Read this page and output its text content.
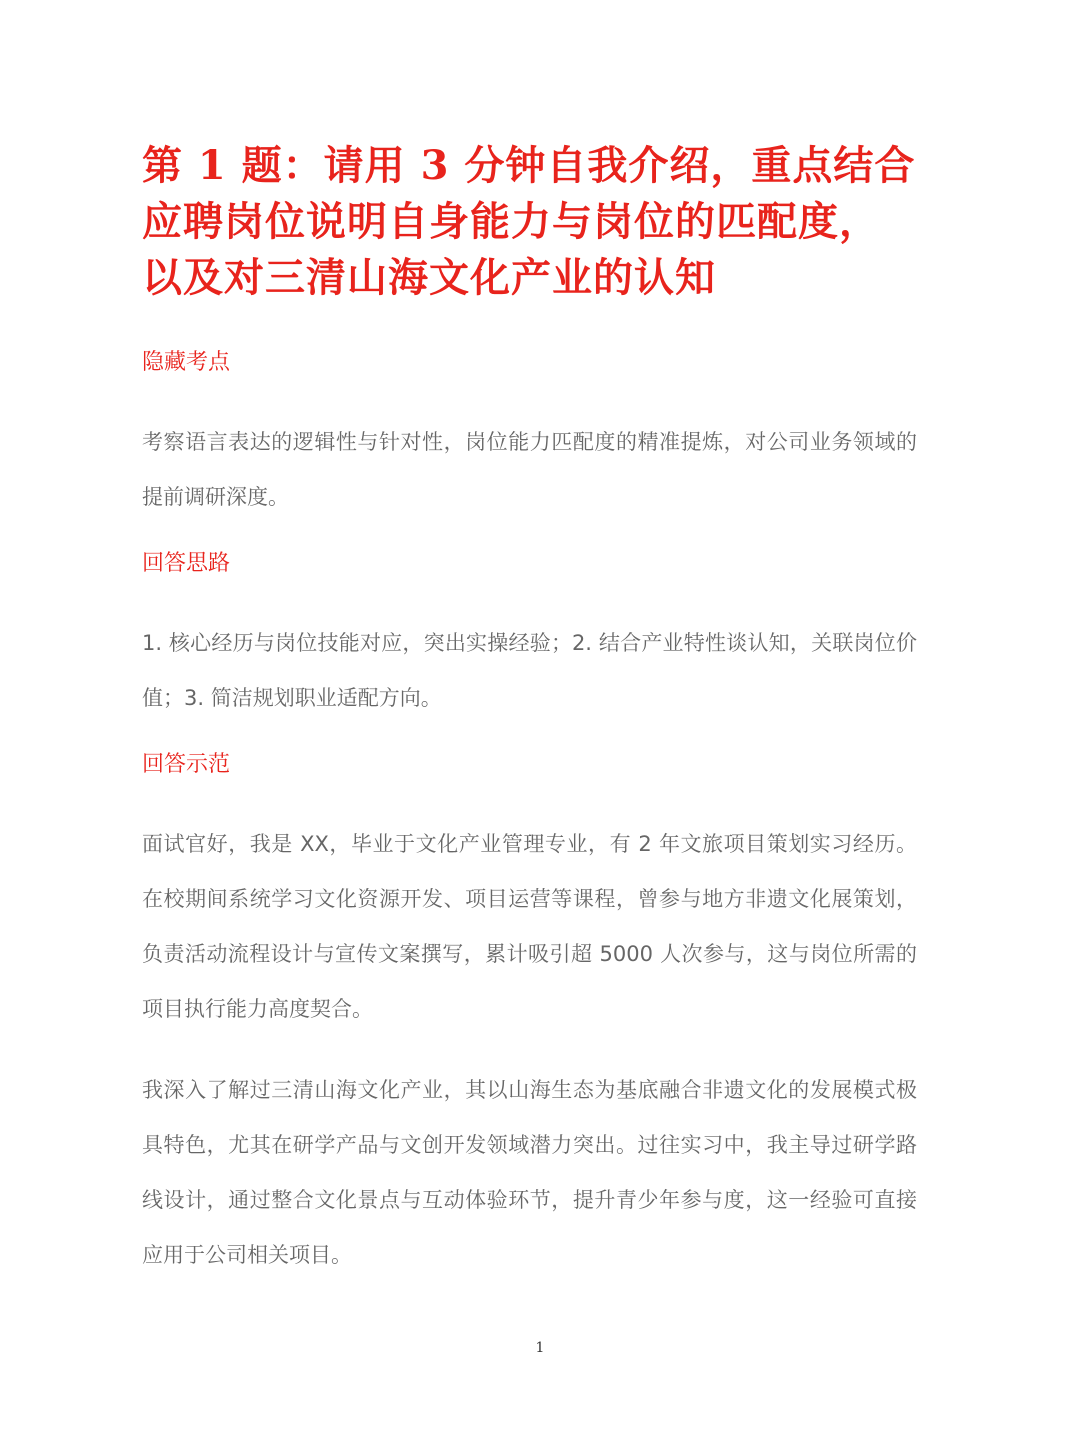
第 1 题：请用 3 分钟自我介绍，重点结合应聘岗位说明自身能力与岗位的匹配度，以及对三清山海文化产业的认知

隐藏考点

考察语言表达的逻辑性与针对性，岗位能力匹配度的精准提炼，对公司业务领域的提前调研深度。

回答思路

1. 核心经历与岗位技能对应，突出实操经验；2. 结合产业特性谈认知，关联岗位价值；3. 简洁规划职业适配方向。

回答示范

面试官好，我是 XX，毕业于文化产业管理专业，有 2 年文旅项目策划实习经历。在校期间系统学习文化资源开发、项目运营等课程，曾参与地方非遗文化展策划，负责活动流程设计与宣传文案撰写，累计吸引超 5000 人次参与，这与岗位所需的项目执行能力高度契合。

我深入了解过三清山海文化产业，其以山海生态为基底融合非遗文化的发展模式极具特色，尤其在研学产品与文创开发领域潜力突出。过往实习中，我主导过研学路线设计，通过整合文化景点与互动体验环节，提升青少年参与度，这一经验可直接应用于公司相关项目。

1
